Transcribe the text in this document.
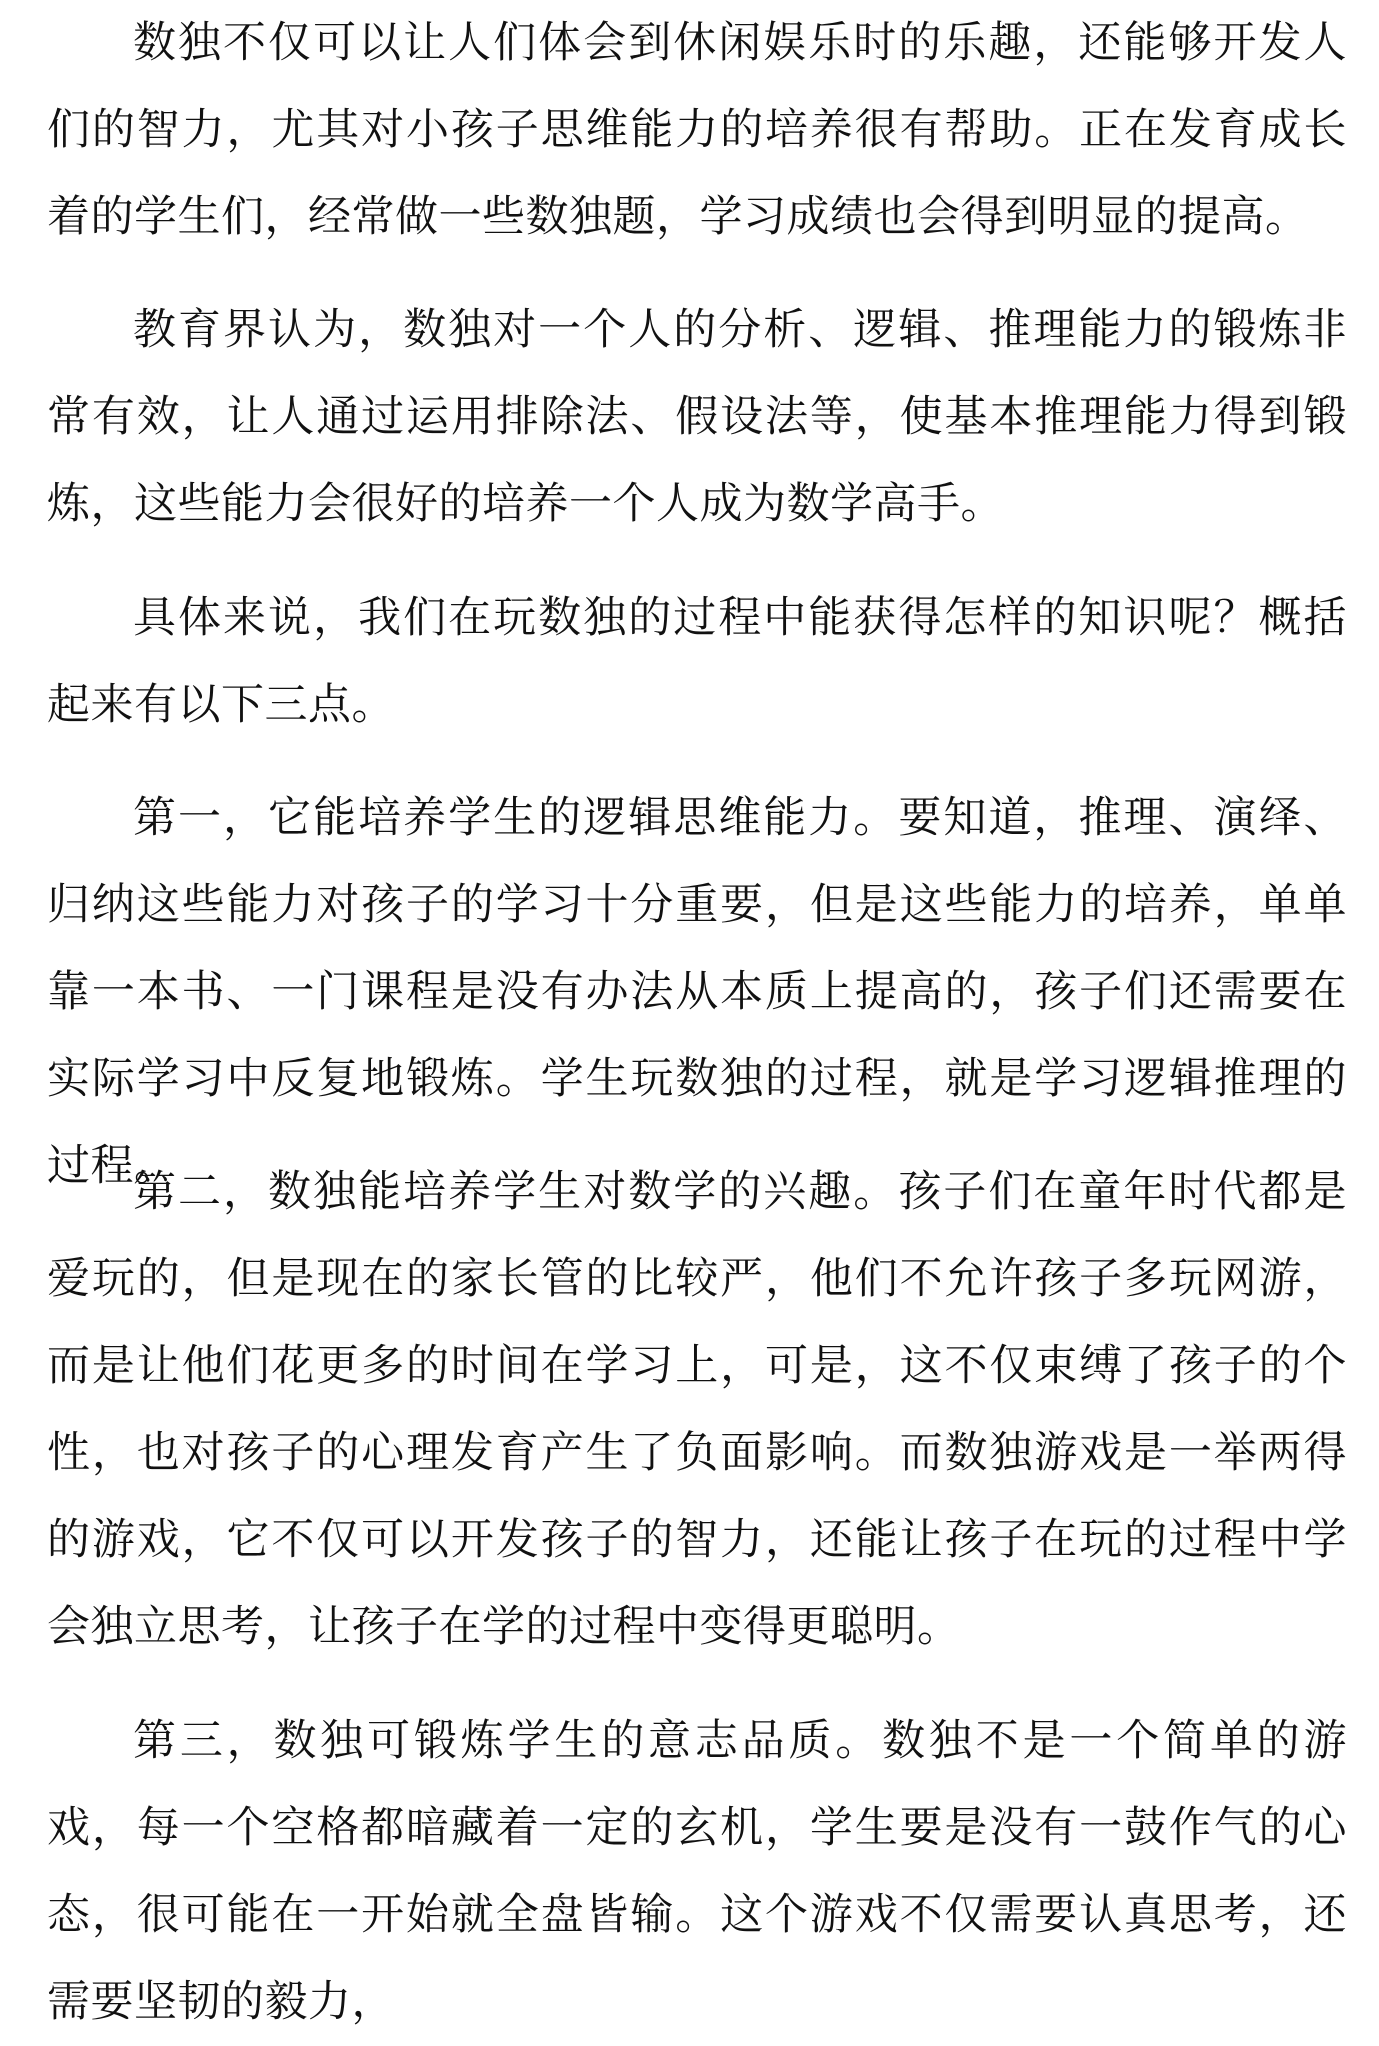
数独不仅可以让人们体会到休闲娱乐时的乐趣，还能够开发人们的智力，尤其对小孩子思维能力的培养很有帮助。正在发育成长着的学生们，经常做一些数独题，学习成绩也会得到明显的提高。

教育界认为，数独对一个人的分析、逻辑、推理能力的锻炼非常有效，让人通过运用排除法、假设法等，使基本推理能力得到锻炼，这些能力会很好的培养一个人成为数学高手。

具体来说，我们在玩数独的过程中能获得怎样的知识呢？概括起来有以下三点。

第一，它能培养学生的逻辑思维能力。要知道，推理、演绎、归纳这些能力对孩子的学习十分重要，但是这些能力的培养，单单靠一本书、一门课程是没有办法从本质上提高的，孩子们还需要在实际学习中反复地锻炼。学生玩数独的过程，就是学习逻辑推理的过程。

第二，数独能培养学生对数学的兴趣。孩子们在童年时代都是爱玩的，但是现在的家长管的比较严，他们不允许孩子多玩网游，而是让他们花更多的时间在学习上，可是，这不仅束缚了孩子的个性，也对孩子的心理发育产生了负面影响。而数独游戏是一举两得的游戏，它不仅可以开发孩子的智力，还能让孩子在玩的过程中学会独立思考，让孩子在学的过程中变得更聪明。

第三，数独可锻炼学生的意志品质。数独不是一个简单的游戏，每一个空格都暗藏着一定的玄机，学生要是没有一鼓作气的心态，很可能在一开始就全盘皆输。这个游戏不仅需要认真思考，还需要坚韧的毅力，
